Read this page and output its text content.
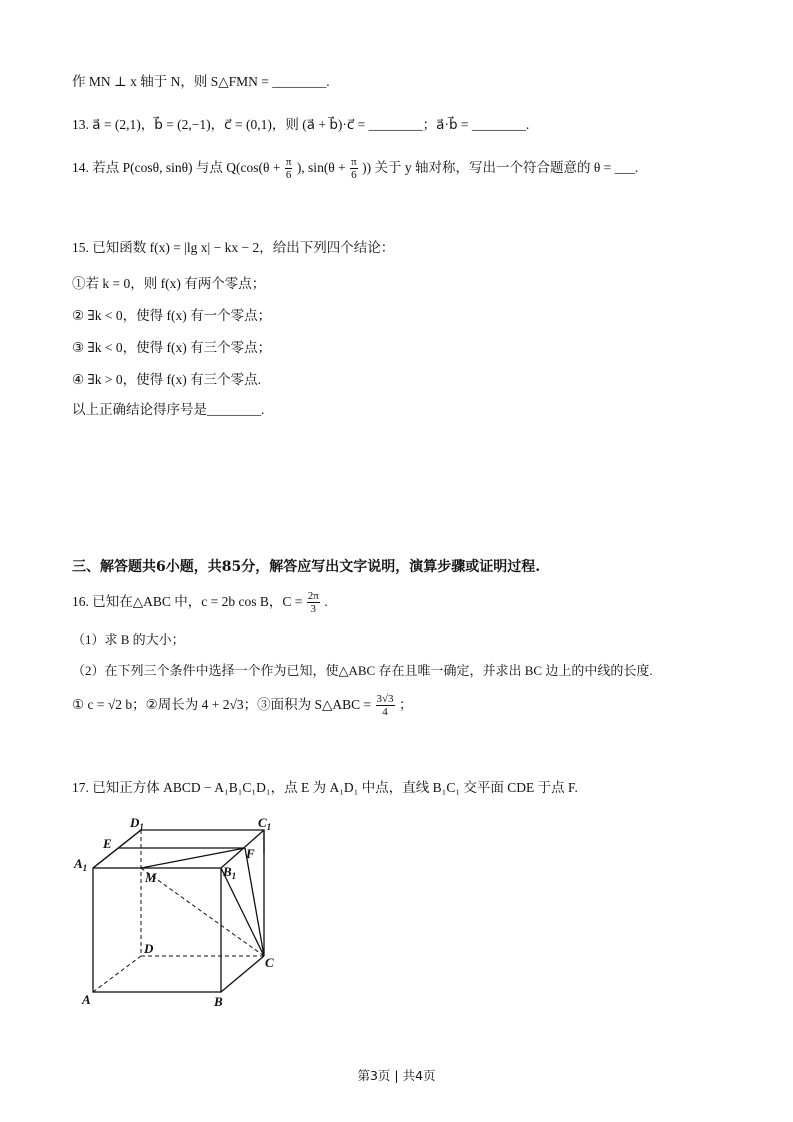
作 MN ⊥ x 轴于 N，则 S△FMN = ________.
13. a⃗ = (2,1)，b⃗ = (2,−1)，c⃗ = (0,1)，则 (a⃗ + b⃗)·c⃗ = ________；a⃗·b⃗ = ________.
14. 若点 P(cosθ, sinθ) 与点 $Q(\cos(\theta + \frac{\pi}{6}$ ), $\sin(\theta + \frac{\pi}{6}$ )) 关于 y 轴对称，写出一个符合题意的 θ = ___.
15. 已知函数 f(x) = |lg x| − kx − 2，给出下列四个结论：
①若 k = 0，则 f(x) 有两个零点；
② ∃k < 0，使得 f(x) 有一个零点；
③ ∃k < 0，使得 f(x) 有三个零点；
④ ∃k > 0，使得 f(x) 有三个零点.
以上正确结论得序号是________.
三、解答题共6小题，共85分，解答应写出文字说明，演算步骤或证明过程.
16. 已知在△ABC 中，c = 2b cos B，$C = \frac{2\pi}{3}$ .
（1）求 B 的大小；
（2）在下列三个条件中选择一个作为已知，使△ABC 存在且唯一确定，并求出 BC 边上的中线的长度.
① c = √2 b；②周长为 4 + 2√3；③面积为 S△ABC = $\frac{3√3}{4}$ ；
17. 已知正方体 ABCD − A₁B₁C₁D₁，点 E 为 A₁D₁ 中点，直线 B₁C₁ 交平面 CDE 于点 F.
$D_1$	$C_1$
E
F
$A_1$
M	$B_1$
D
C
A	B
第3页 | 共4页
